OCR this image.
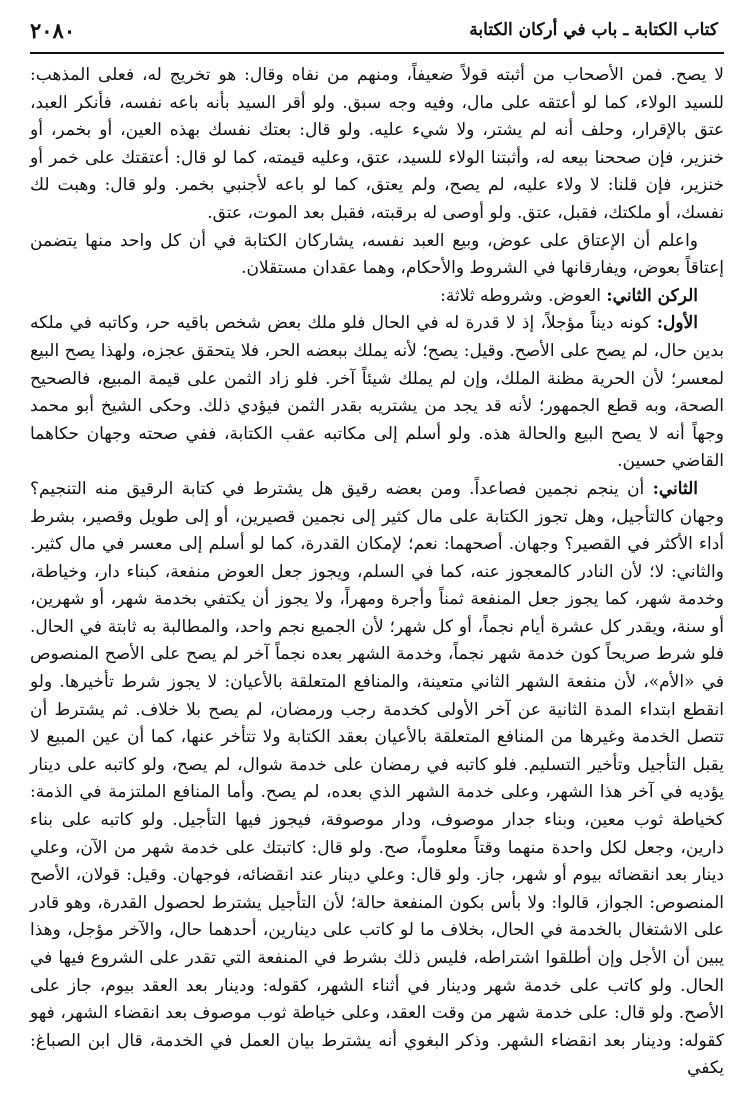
كتاب الكتابة ـ باب في أركان الكتابة
٢٠٨٠

لا يصح. فمن الأصحاب من أثبته قولاً ضعيفاً، ومنهم من نفاه وقال: هو تخريج له، فعلى المذهب: للسيد الولاء، كما لو أعتقه على مال، وفيه وجه سبق. ولو أقر السيد بأنه باعه نفسه، فأنكر العبد، عتق بالإقرار، وحلف أنه لم يشتر، ولا شيء عليه. ولو قال: بعتك نفسك بهذه العين، أو بخمر، أو خنزير، فإن صححنا بيعه له، وأثبتنا الولاء للسيد، عتق، وعليه قيمته، كما لو قال: أعتقتك على خمر أو خنزير، فإن قلنا: لا ولاء عليه، لم يصح، ولم يعتق، كما لو باعه لأجنبي بخمر. ولو قال: وهبت لك نفسك، أو ملكتك، فقبل، عتق. ولو أوصى له برقبته، فقبل بعد الموت، عتق.

واعلم أن الإعتاق على عوض، وبيع العبد نفسه، يشاركان الكتابة في أن كل واحد منها يتضمن إعتاقاً بعوض، ويفارقانها في الشروط والأحكام، وهما عقدان مستقلان.

الركن الثاني: العوض. وشروطه ثلاثة:

الأول: كونه ديناً مؤجلاً، إذ لا قدرة له في الحال فلو ملك بعض شخص باقيه حر، وكاتبه في ملكه بدين حال، لم يصح على الأصح. وقيل: يصح؛ لأنه يملك ببعضه الحر، فلا يتحقق عجزه، ولهذا يصح البيع لمعسر؛ لأن الحرية مظنة الملك، وإن لم يملك شيئاً آخر. فلو زاد الثمن على قيمة المبيع، فالصحيح الصحة، وبه قطع الجمهور؛ لأنه قد يجد من يشتريه بقدر الثمن فيؤدي ذلك. وحكى الشيخ أبو محمد وجهاً أنه لا يصح البيع والحالة هذه. ولو أسلم إلى مكاتبه عقب الكتابة، ففي صحته وجهان حكاهما القاضي حسين.

الثاني: أن ينجم نجمين فصاعداً. ومن بعضه رقيق هل يشترط في كتابة الرقيق منه التنجيم؟ وجهان كالتأجيل، وهل تجوز الكتابة على مال كثير إلى نجمين قصيرين، أو إلى طويل وقصير، بشرط أداء الأكثر في القصير؟ وجهان. أصحهما: نعم؛ لإمكان القدرة، كما لو أسلم إلى معسر في مال كثير. والثاني: لا؛ لأن النادر كالمعجوز عنه، كما في السلم، ويجوز جعل العوض منفعة، كبناء دار، وخياطة، وخدمة شهر، كما يجوز جعل المنفعة ثمناً وأجرة ومهراً، ولا يجوز أن يكتفي بخدمة شهر، أو شهرين، أو سنة، ويقدر كل عشرة أيام نجماً، أو كل شهر؛ لأن الجميع نجم واحد، والمطالبة به ثابتة في الحال. فلو شرط صريحاً كون خدمة شهر نجماً، وخدمة الشهر بعده نجماً آخر لم يصح على الأصح المنصوص في «الأم»، لأن منفعة الشهر الثاني متعينة، والمنافع المتعلقة بالأعيان: لا يجوز شرط تأخيرها. ولو انقطع ابتداء المدة الثانية عن آخر الأولى كخدمة رجب ورمضان، لم يصح بلا خلاف. ثم يشترط أن تتصل الخدمة وغيرها من المنافع المتعلقة بالأعيان بعقد الكتابة ولا تتأخر عنها، كما أن عين المبيع لا يقبل التأجيل وتأخير التسليم. فلو كاتبه في رمضان على خدمة شوال، لم يصح، ولو كاتبه على دينار يؤديه في آخر هذا الشهر، وعلى خدمة الشهر الذي بعده، لم يصح. وأما المنافع الملتزمة في الذمة: كخياطة ثوب معين، وبناء جدار موصوف، ودار موصوفة، فيجوز فيها التأجيل. ولو كاتبه على بناء دارين، وجعل لكل واحدة منهما وقتاً معلوماً، صح. ولو قال: كاتبتك على خدمة شهر من الآن، وعلي دينار بعد انقضائه بيوم أو شهر، جاز. ولو قال: وعلي دينار عند انقضائه، فوجهان. وقيل: قولان، الأصح المنصوص: الجواز، قالوا: ولا بأس بكون المنفعة حالة؛ لأن التأجيل يشترط لحصول القدرة، وهو قادر على الاشتغال بالخدمة في الحال، بخلاف ما لو كاتب على دينارين، أحدهما حال، والآخر مؤجل، وهذا يبين أن الأجل وإن أطلقوا اشتراطه، فليس ذلك بشرط في المنفعة التي تقدر على الشروع فيها في الحال. ولو كاتب على خدمة شهر ودينار في أثناء الشهر، كقوله: ودينار بعد العقد بيوم، جاز على الأصح. ولو قال: على خدمة شهر من وقت العقد، وعلى خياطة ثوب موصوف بعد انقضاء الشهر، فهو كقوله: ودينار بعد انقضاء الشهر. وذكر البغوي أنه يشترط بيان العمل في الخدمة، قال ابن الصباغ: يكفي
